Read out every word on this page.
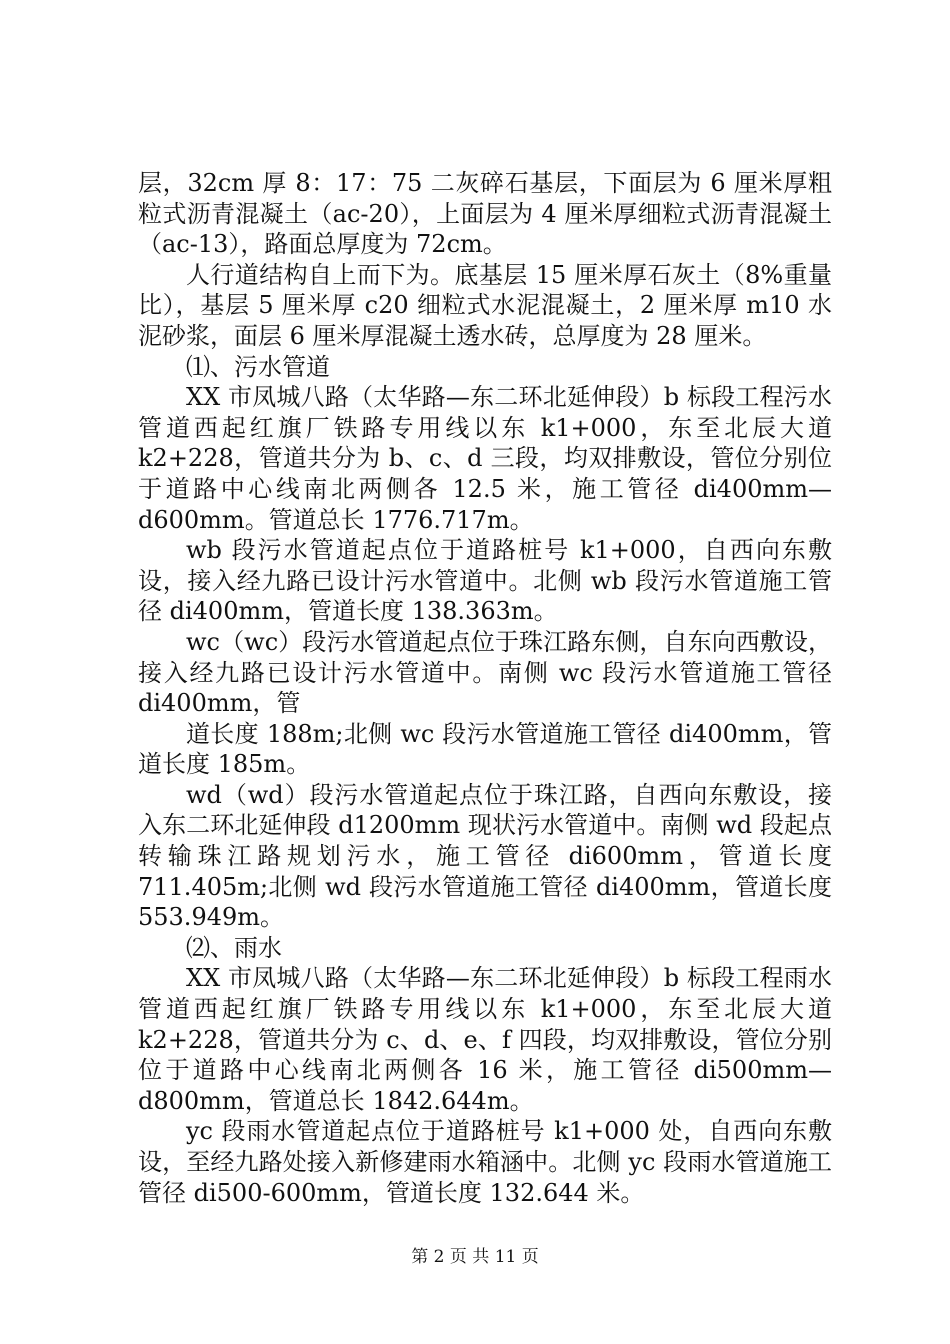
层，32cm 厚 8：17：75 二灰碎石基层，下面层为 6 厘米厚粗粒式沥青混凝土（ac-20），上面层为 4 厘米厚细粒式沥青混凝土（ac-13），路面总厚度为 72cm。

人行道结构自上而下为。底基层 15 厘米厚石灰土（8%重量比），基层 5 厘米厚 c20 细粒式水泥混凝土，2 厘米厚 m10 水泥砂浆，面层 6 厘米厚混凝土透水砖，总厚度为 28 厘米。

⑴、污水管道

XX 市凤城八路（太华路—东二环北延伸段）b 标段工程污水管道西起红旗厂铁路专用线以东 k1+000，东至北辰大道 k2+228，管道共分为 b、c、d 三段，均双排敷设，管位分别位于道路中心线南北两侧各 12.5 米，施工管径 di400mm—d600mm。管道总长 1776.717m。

wb 段污水管道起点位于道路桩号 k1+000，自西向东敷设，接入经九路已设计污水管道中。北侧 wb 段污水管道施工管径 di400mm，管道长度 138.363m。

wc（wc）段污水管道起点位于珠江路东侧，自东向西敷设，接入经九路已设计污水管道中。南侧 wc 段污水管道施工管径 di400mm，管

道长度 188m;北侧 wc 段污水管道施工管径 di400mm，管道长度 185m。

wd（wd）段污水管道起点位于珠江路，自西向东敷设，接入东二环北延伸段 d1200mm 现状污水管道中。南侧 wd 段起点转输珠江路规划污水，施工管径 di600mm，管道长度 711.405m;北侧 wd 段污水管道施工管径 di400mm，管道长度 553.949m。

⑵、雨水

XX 市凤城八路（太华路—东二环北延伸段）b 标段工程雨水管道西起红旗厂铁路专用线以东 k1+000，东至北辰大道 k2+228，管道共分为 c、d、e、f 四段，均双排敷设，管位分别位于道路中心线南北两侧各 16 米，施工管径 di500mm—d800mm，管道总长 1842.644m。

yc 段雨水管道起点位于道路桩号 k1+000 处，自西向东敷设，至经九路处接入新修建雨水箱涵中。北侧 yc 段雨水管道施工管径 di500-600mm，管道长度 132.644 米。

第 2 页 共 11 页
